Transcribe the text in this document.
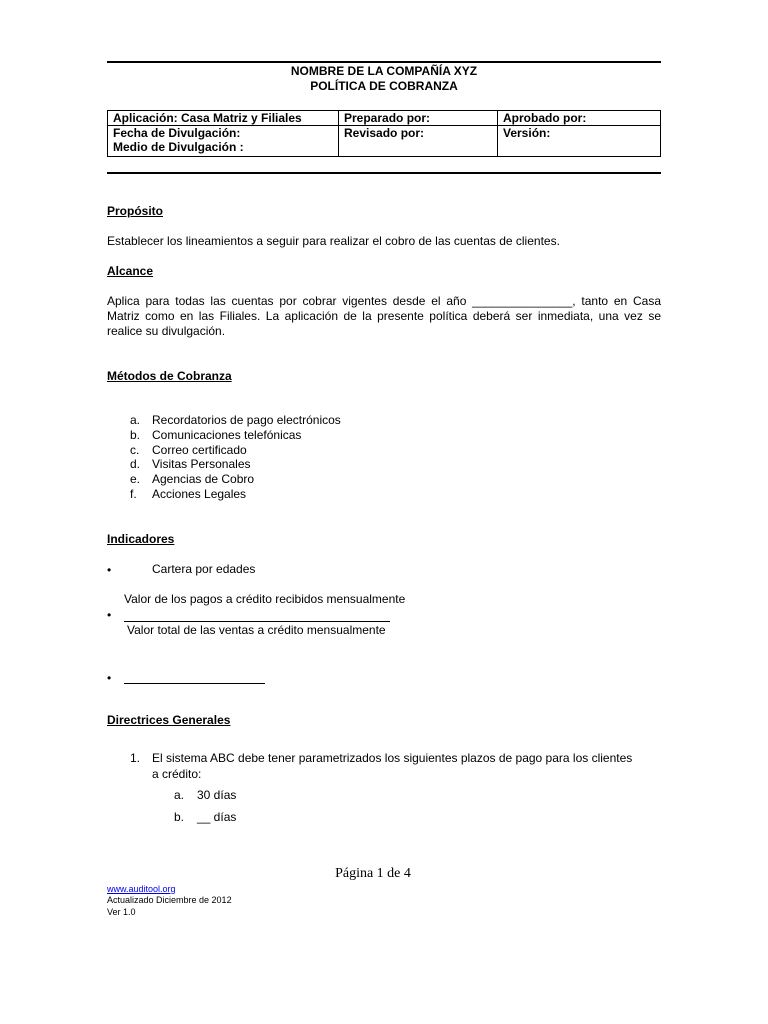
NOMBRE DE LA COMPAÑÍA XYZ
POLÍTICA DE COBRANZA
Aplicación: Casa Matriz y Filiales	Preparado por:	Aprobado por:

Fecha de Divulgación:
Medio de Divulgación :	Revisado por:	Versión:
Propósito
Establecer los lineamientos a seguir para realizar el cobro de las cuentas de clientes.
Alcance
Aplica para todas las cuentas por cobrar vigentes desde el año _______________, tanto en Casa Matriz como en las Filiales. La aplicación de la presente política deberá ser inmediata, una vez se realice su divulgación.
Métodos de Cobranza
a. Recordatorios de pago electrónicos
b. Comunicaciones telefónicas
c. Correo certificado
d. Visitas Personales
e. Agencias de Cobro
f. Acciones Legales
Indicadores
•	Cartera por edades
Valor de los pagos a crédito recibidos mensualmente
•
Valor total de las ventas a crédito mensualmente
•
Directrices Generales
1. El sistema ABC debe tener parametrizados los siguientes plazos de pago para los clientes
a crédito:
a. 30 días
b. __ días
Página 1 de 4
www.auditool.org
Actualizado Diciembre de 2012
Ver 1.0
